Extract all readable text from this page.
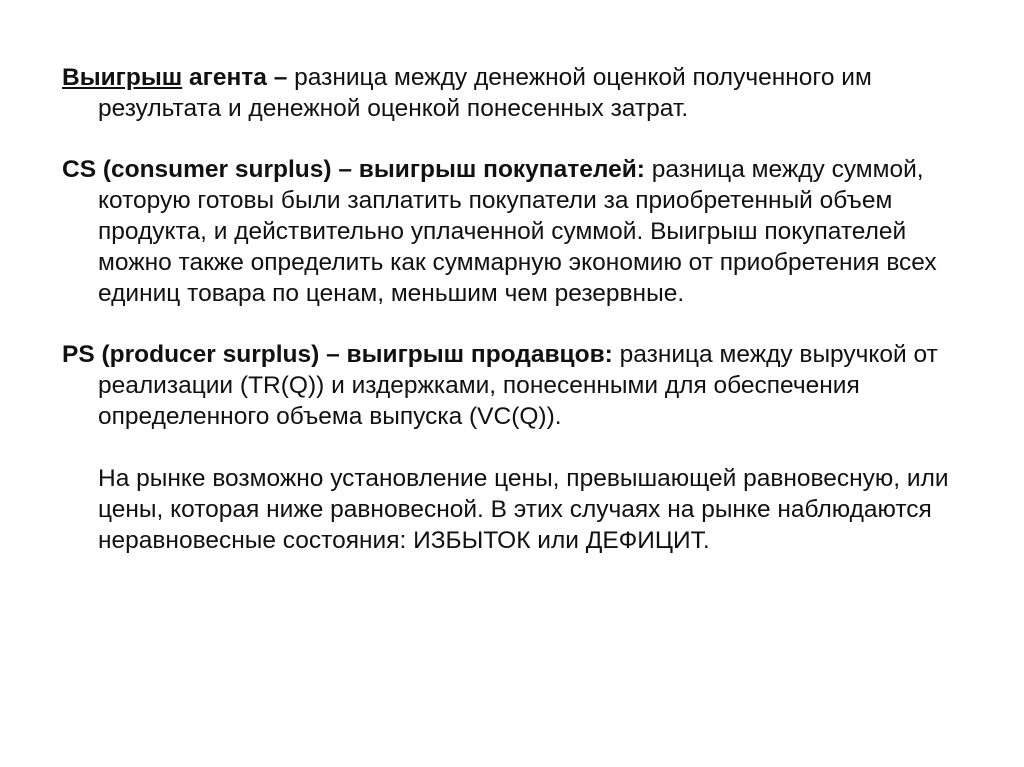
Выигрыш агента – разница между денежной оценкой полученного им результата и денежной оценкой понесенных затрат.

CS (consumer surplus) – выигрыш покупателей: разница между суммой, которую готовы были заплатить покупатели за приобретенный объем продукта, и действительно уплаченной суммой. Выигрыш покупателей можно также определить как суммарную экономию от приобретения всех единиц товара по ценам, меньшим чем резервные.

PS (producer surplus) – выигрыш продавцов: разница между выручкой от реализации (TR(Q)) и издержками, понесенными для обеспечения определенного объема выпуска (VC(Q)).

На рынке возможно установление цены, превышающей равновесную, или цены, которая ниже равновесной. В этих случаях на рынке наблюдаются неравновесные состояния: ИЗБЫТОК или ДЕФИЦИТ.
